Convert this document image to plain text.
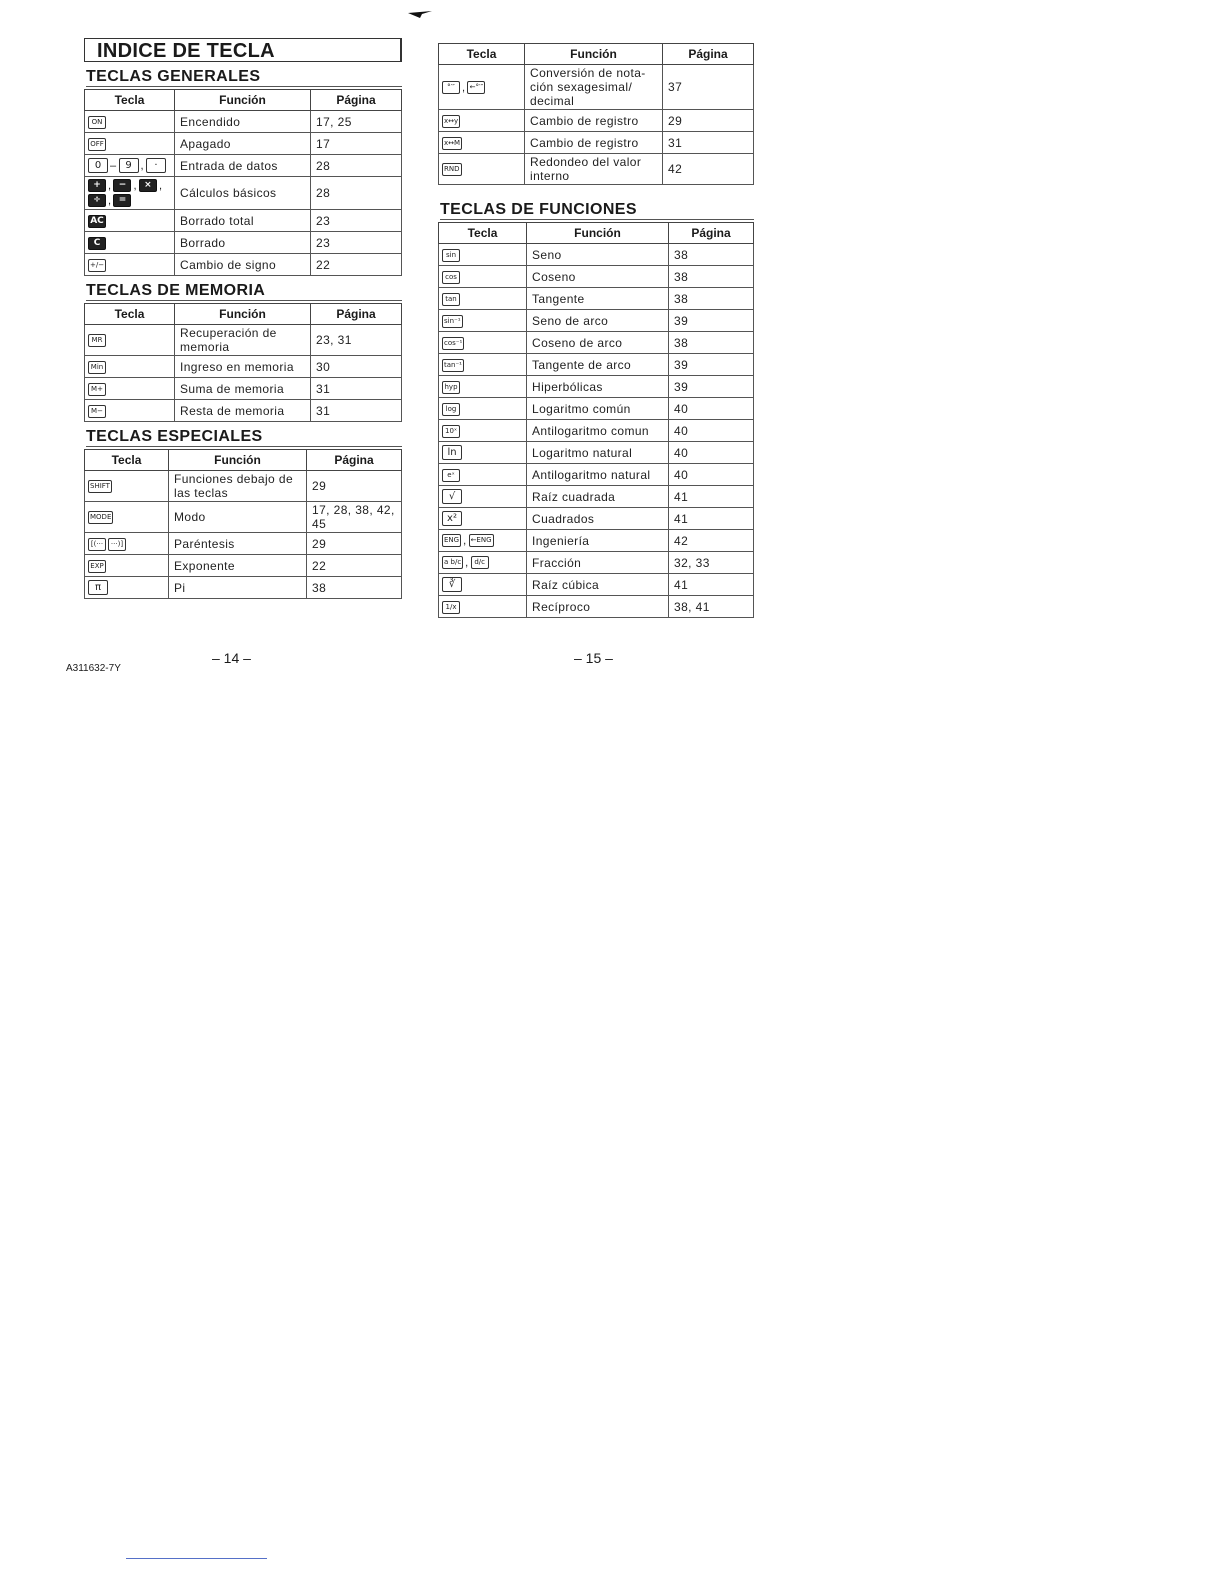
INDICE DE TECLA
TECLAS GENERALES
Tecla	Función	Página
ON	Encendido	17, 25
OFF	Apagado	17
0 – 9 , ·	Entrada de datos	28
+ , − , × ,÷ , =	Cálculos básicos	28
AC	Borrado total	23
C	Borrado	23
+/−	Cambio de signo	22
TECLAS DE MEMORIA
Tecla	Función	Página
MR	Recuperación de memoria	23, 31
Min	Ingreso en memoria	30
M+	Suma de memoria	31
M−	Resta de memoria	31
TECLAS ESPECIALES
Tecla	Función	Página
SHIFT	Funciones debajo de las teclas	29
MODE	Modo	17, 28, 38, 42, 45
[(··· ···)]	Paréntesis	29
EXP	Exponente	22
π	Pi	38
Tecla	Función	Página
°′″ , ←°′″	Conversión de nota-ción sexagesimal/ decimal	37
x↔y	Cambio de registro	29
x↔M	Cambio de registro	31
RND	Redondeo del valor interno	42
TECLAS DE FUNCIONES
Tecla	Función	Página
sin	Seno	38
cos	Coseno	38
tan	Tangente	38
sin⁻¹	Seno de arco	39
cos⁻¹	Coseno de arco	38
tan⁻¹	Tangente de arco	39
hyp	Hiperbólicas	39
log	Logaritmo común	40
10ˣ	Antilogaritmo comun	40
ln	Logaritmo natural	40
eˣ	Antilogaritmo natural	40
√	Raíz cuadrada	41
x²	Cuadrados	41
ENG , ←ENG	Ingeniería	42
a b/c , d/c	Fracción	32, 33
∛	Raíz cúbica	41
1/x	Recíproco	38, 41
– 14 –	– 15 –
A311632-7Y
